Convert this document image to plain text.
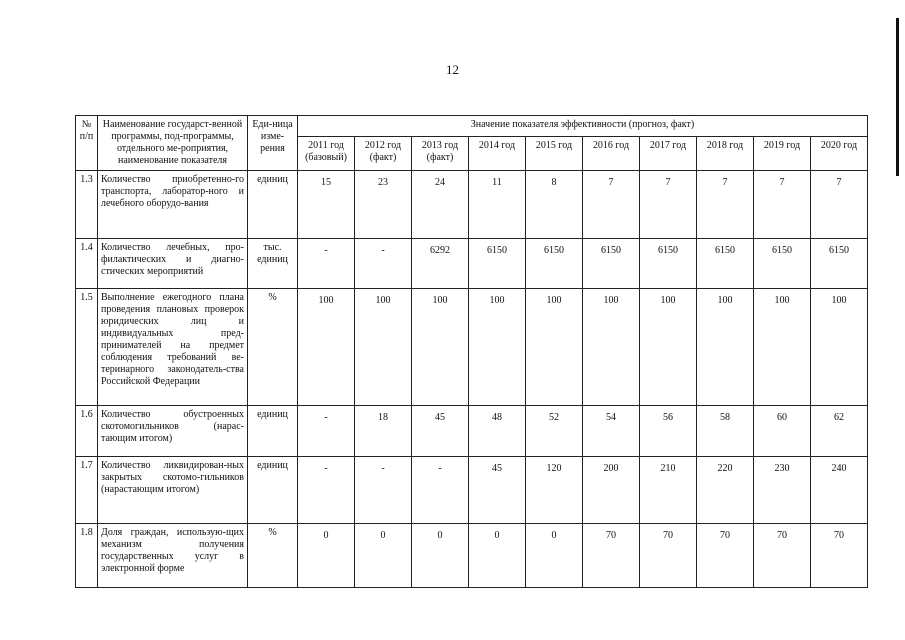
12
№ п/п	Наименование государст-венной программы, под-программы, отдельного ме-роприятия, наименование показателя	Еди-ница изме-рения	Значение показателя эффективности (прогноз, факт)									
			2011 год (базовый)	2012 год (факт)	2013 год (факт)	2014 год	2015 год	2016 год	2017 год	2018 год	2019 год	2020 год
1.3	Количество приобретенно-го транспорта, лаборатор-ного и лечебного оборудо-вания	единиц	15	23	24	11	8	7	7	7	7	7
1.4	Количество лечебных, про-филактических и диагно-стических мероприятий	тыс. единиц	-	-	6292	6150	6150	6150	6150	6150	6150	6150
1.5	Выполнение ежегодного плана проведения плановых проверок юридических лиц и индивидуальных пред-принимателей на предмет соблюдения требований ве-теринарного законодатель-ства Российской Федерации	%	100	100	100	100	100	100	100	100	100	100
1.6	Количество обустроенных скотомогильников (нарас-тающим итогом)	единиц	-	18	45	48	52	54	56	58	60	62
1.7	Количество ликвидирован-ных закрытых скотомо-гильников (нарастающим итогом)	единиц	-	-	-	45	120	200	210	220	230	240
1.8	Доля граждан, использую-щих механизм получения государственных услуг в электронной форме	%	0	0	0	0	0	70	70	70	70	70
